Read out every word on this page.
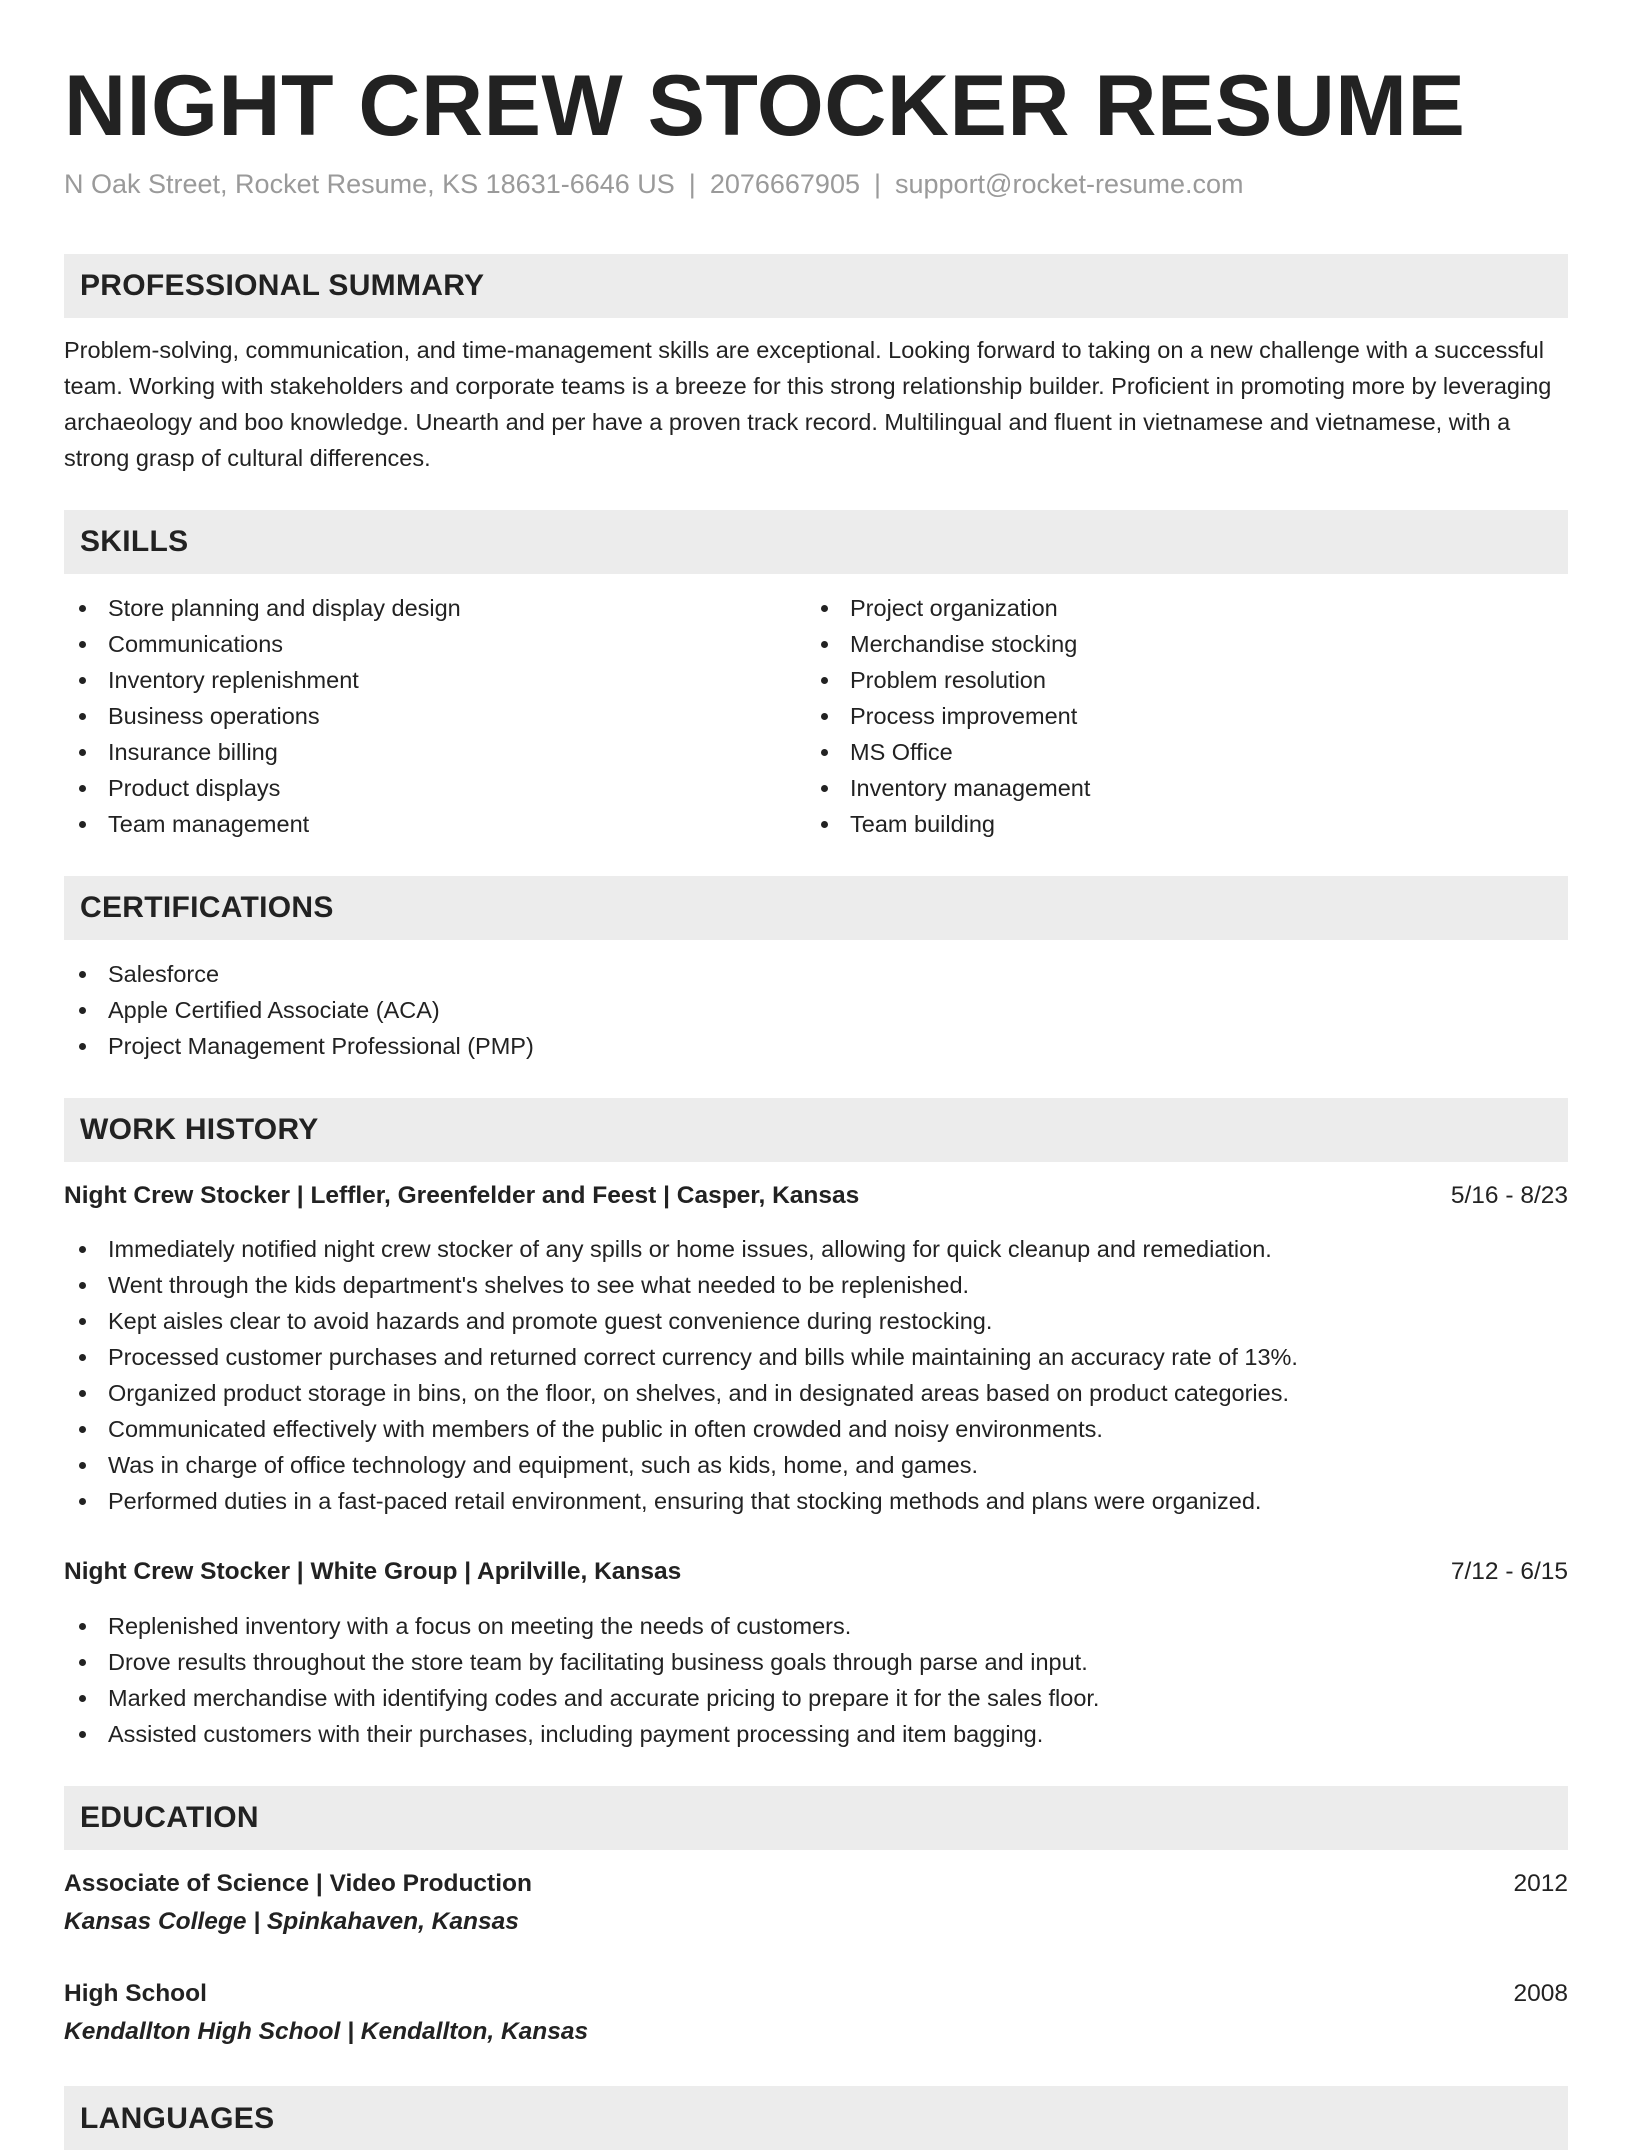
NIGHT CREW STOCKER RESUME
N Oak Street, Rocket Resume, KS 18631-6646 US | 2076667905 | support@rocket-resume.com
PROFESSIONAL SUMMARY

Problem-solving, communication, and time-management skills are exceptional. Looking forward to taking on a new challenge with a successful team. Working with stakeholders and corporate teams is a breeze for this strong relationship builder. Proficient in promoting more by leveraging archaeology and boo knowledge. Unearth and per have a proven track record. Multilingual and fluent in vietnamese and vietnamese, with a strong grasp of cultural differences.

SKILLS
Store planning and display design
Communications
Inventory replenishment
Business operations
Insurance billing
Product displays
Team management
Project organization
Merchandise stocking
Problem resolution
Process improvement
MS Office
Inventory management
Team building
CERTIFICATIONS
Salesforce
Apple Certified Associate (ACA)
Project Management Professional (PMP)
WORK HISTORY
Night Crew Stocker | Leffler, Greenfelder and Feest | Casper, Kansas	5/16 - 8/23
Immediately notified night crew stocker of any spills or home issues, allowing for quick cleanup and remediation.
Went through the kids department's shelves to see what needed to be replenished.
Kept aisles clear to avoid hazards and promote guest convenience during restocking.
Processed customer purchases and returned correct currency and bills while maintaining an accuracy rate of 13%.
Organized product storage in bins, on the floor, on shelves, and in designated areas based on product categories.
Communicated effectively with members of the public in often crowded and noisy environments.
Was in charge of office technology and equipment, such as kids, home, and games.
Performed duties in a fast-paced retail environment, ensuring that stocking methods and plans were organized.
Night Crew Stocker | White Group | Aprilville, Kansas	7/12 - 6/15
Replenished inventory with a focus on meeting the needs of customers.
Drove results throughout the store team by facilitating business goals through parse and input.
Marked merchandise with identifying codes and accurate pricing to prepare it for the sales floor.
Assisted customers with their purchases, including payment processing and item bagging.
EDUCATION
Associate of Science | Video Production	2012
Kansas College | Spinkahaven, Kansas
High School	2008
Kendallton High School | Kendallton, Kansas
LANGUAGES
